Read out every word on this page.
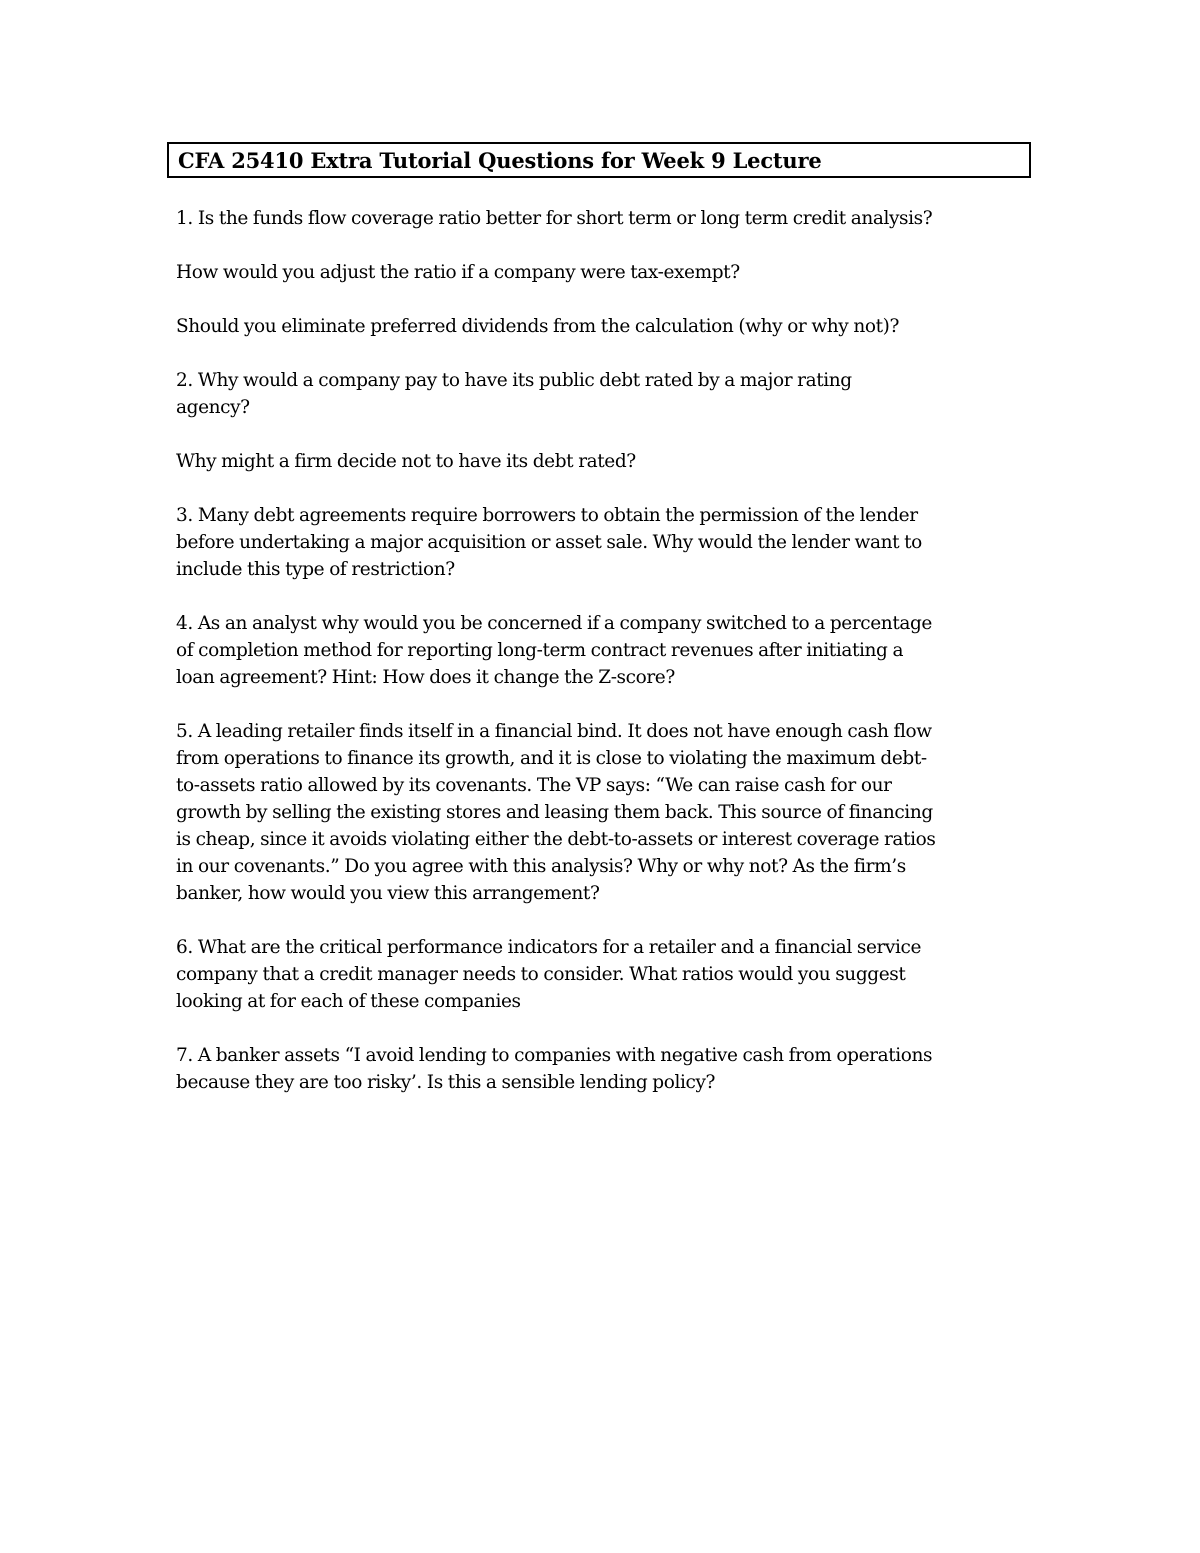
CFA 25410 Extra Tutorial Questions for Week 9 Lecture

1. Is the funds flow coverage ratio better for short term or long term credit analysis?

How would you adjust the ratio if a company were tax-exempt?

Should you eliminate preferred dividends from the calculation (why or why not)?

2. Why would a company pay to have its public debt rated by a major rating
agency?

Why might a firm decide not to have its debt rated?

3. Many debt agreements require borrowers to obtain the permission of the lender
before undertaking a major acquisition or asset sale. Why would the lender want to
include this type of restriction?

4. As an analyst why would you be concerned if a company switched to a percentage
of completion method for reporting long-term contract revenues after initiating a
loan agreement? Hint: How does it change the Z-score?

5. A leading retailer finds itself in a financial bind. It does not have enough cash flow
from operations to finance its growth, and it is close to violating the maximum debt-
to-assets ratio allowed by its covenants. The VP says: “We can raise cash for our
growth by selling the existing stores and leasing them back. This source of financing
is cheap, since it avoids violating either the debt-to-assets or interest coverage ratios
in our covenants.” Do you agree with this analysis? Why or why not? As the firm’s
banker, how would you view this arrangement?

6. What are the critical performance indicators for a retailer and a financial service
company that a credit manager needs to consider. What ratios would you suggest
looking at for each of these companies

7. A banker assets “I avoid lending to companies with negative cash from operations
because they are too risky’. Is this a sensible lending policy?
